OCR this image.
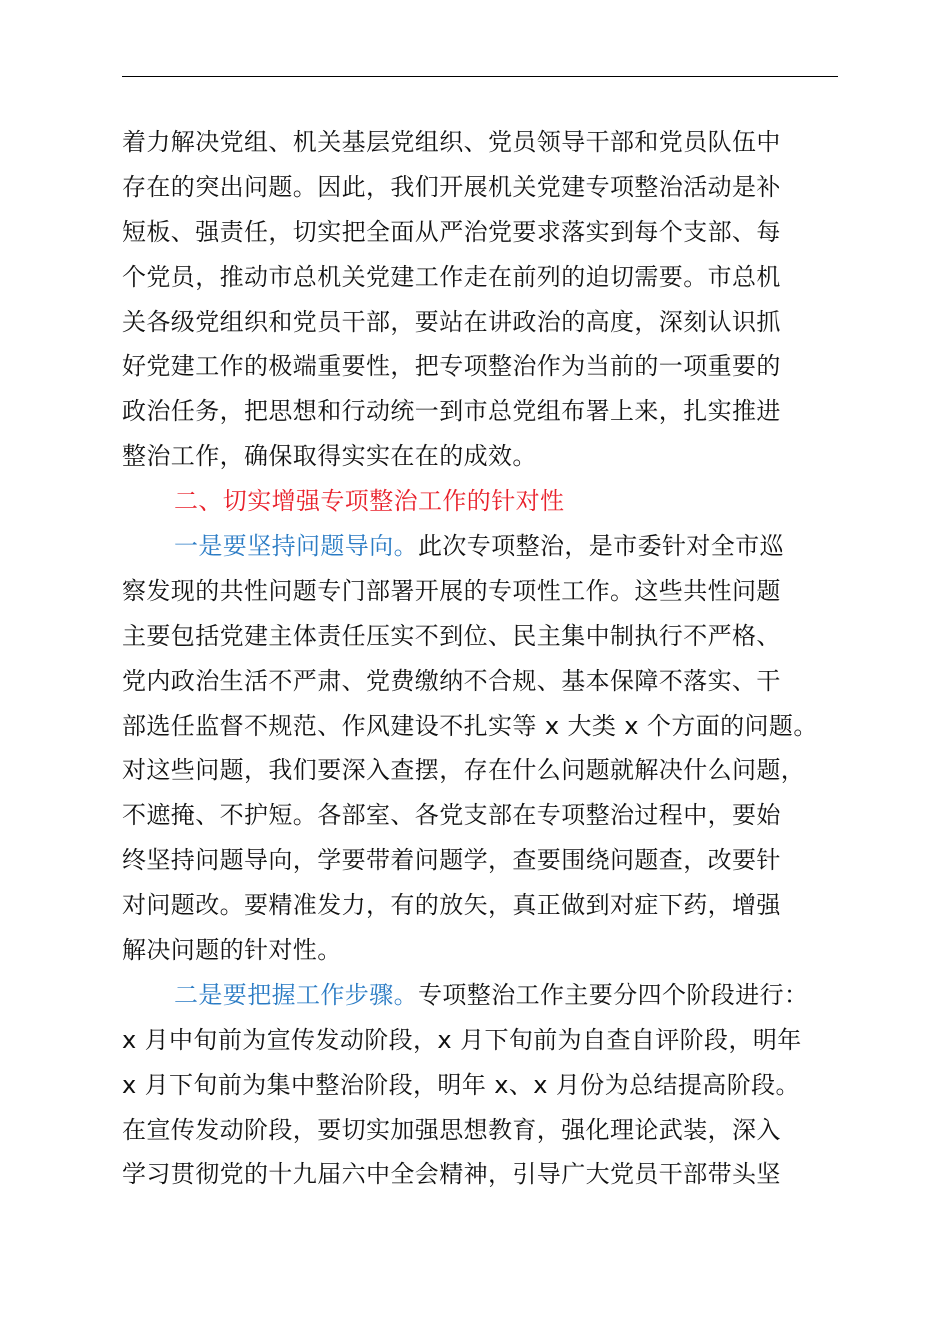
着力解决党组、机关基层党组织、党员领导干部和党员队伍中
存在的突出问题。因此，我们开展机关党建专项整治活动是补
短板、强责任，切实把全面从严治党要求落实到每个支部、每
个党员，推动市总机关党建工作走在前列的迫切需要。市总机
关各级党组织和党员干部，要站在讲政治的高度，深刻认识抓
好党建工作的极端重要性，把专项整治作为当前的一项重要的
政治任务，把思想和行动统一到市总党组布署上来，扎实推进
整治工作，确保取得实实在在的成效。
二、切实增强专项整治工作的针对性
一是要坚持问题导向。此次专项整治，是市委针对全市巡
察发现的共性问题专门部署开展的专项性工作。这些共性问题
主要包括党建主体责任压实不到位、民主集中制执行不严格、
党内政治生活不严肃、党费缴纳不合规、基本保障不落实、干
部选任监督不规范、作风建设不扎实等 x 大类 x 个方面的问题。
对这些问题，我们要深入查摆，存在什么问题就解决什么问题，
不遮掩、不护短。各部室、各党支部在专项整治过程中，要始
终坚持问题导向，学要带着问题学，查要围绕问题查，改要针
对问题改。要精准发力，有的放矢，真正做到对症下药，增强
解决问题的针对性。
二是要把握工作步骤。专项整治工作主要分四个阶段进行：
x 月中旬前为宣传发动阶段，x 月下旬前为自查自评阶段，明年
x 月下旬前为集中整治阶段，明年 x、x 月份为总结提高阶段。
在宣传发动阶段，要切实加强思想教育，强化理论武装，深入
学习贯彻党的十九届六中全会精神，引导广大党员干部带头坚
